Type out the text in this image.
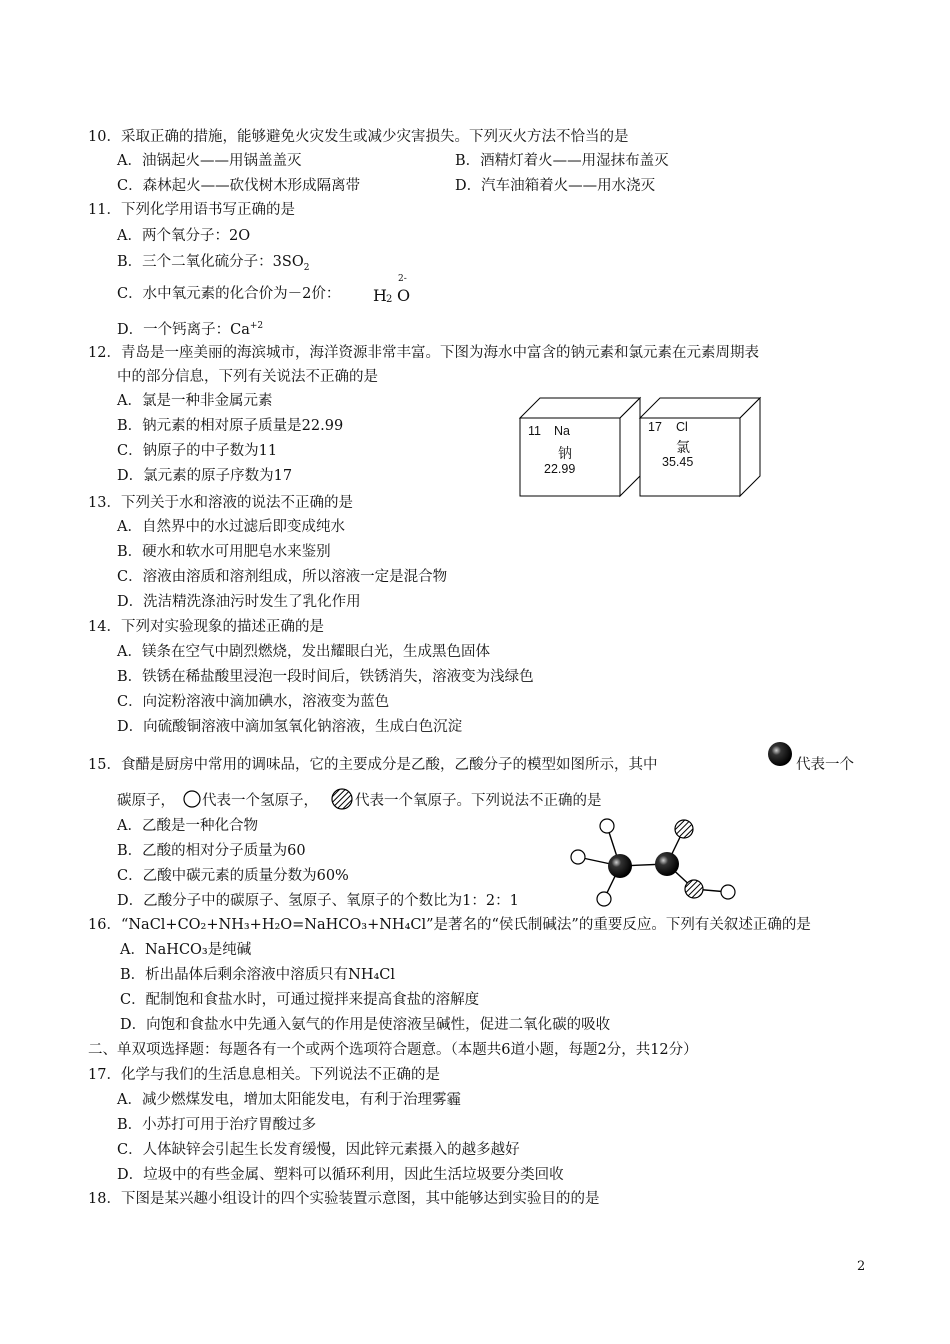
10．采取正确的措施，能够避免火灾发生或减少灾害损失。下列灭火方法不恰当的是
A．油锅起火——用锅盖盖灭	B．酒精灯着火——用湿抹布盖灭
C．森林起火——砍伐树木形成隔离带	D．汽车油箱着火——用水浇灭
11．下列化学用语书写正确的是
A．两个氧分子：2O
B．三个二氧化硫分子：$3SO_2$
C．水中氧元素的化合价为－2价：
2-
H 2 O
D．一个钙离子：$Ca^{+2}$
12．青岛是一座美丽的海滨城市，海洋资源非常丰富。下图为海水中富含的钠元素和氯元素在元素周期表
中的部分信息，下列有关说法不正确的是
A．氯是一种非金属元素
B．钠元素的相对原子质量是22.99
C．钠原子的中子数为11
D．氯元素的原子序数为17
11 Na
钠
22.99
17 Cl
氯
35.45
13．下列关于水和溶液的说法不正确的是
A．自然界中的水过滤后即变成纯水
B．硬水和软水可用肥皂水来鉴别
C．溶液由溶质和溶剂组成，所以溶液一定是混合物
D．洗洁精洗涤油污时发生了乳化作用
14．下列对实验现象的描述正确的是
A．镁条在空气中剧烈燃烧，发出耀眼白光，生成黑色固体
B．铁锈在稀盐酸里浸泡一段时间后，铁锈消失，溶液变为浅绿色
C．向淀粉溶液中滴加碘水，溶液变为蓝色
D．向硫酸铜溶液中滴加氢氧化钠溶液，生成白色沉淀
15．食醋是厨房中常用的调味品，它的主要成分是乙酸，乙酸分子的模型如图所示，其中	代表一个
碳原子， 代表一个氢原子，	代表一个氧原子。下列说法不正确的是
A．乙酸是一种化合物
B．乙酸的相对分子质量为60
C．乙酸中碳元素的质量分数为60%
D．乙酸分子中的碳原子、氢原子、氧原子的个数比为1：2：1
16．“NaCl+CO₂+NH₃+H₂O=NaHCO₃+NH₄Cl”是著名的“侯氏制碱法”的重要反应。下列有关叙述正确的是
A．NaHCO₃是纯碱
B．析出晶体后剩余溶液中溶质只有NH₄Cl
C．配制饱和食盐水时，可通过搅拌来提高食盐的溶解度
D．向饱和食盐水中先通入氨气的作用是使溶液呈碱性，促进二氧化碳的吸收
二、单双项选择题：每题各有一个或两个选项符合题意。（本题共6道小题，每题2分，共12分）
17．化学与我们的生活息息相关。下列说法不正确的是
A．减少燃煤发电，增加太阳能发电，有利于治理雾霾
B．小苏打可用于治疗胃酸过多
C．人体缺锌会引起生长发育缓慢，因此锌元素摄入的越多越好
D．垃圾中的有些金属、塑料可以循环利用，因此生活垃圾要分类回收
18．下图是某兴趣小组设计的四个实验装置示意图，其中能够达到实验目的的是
2
